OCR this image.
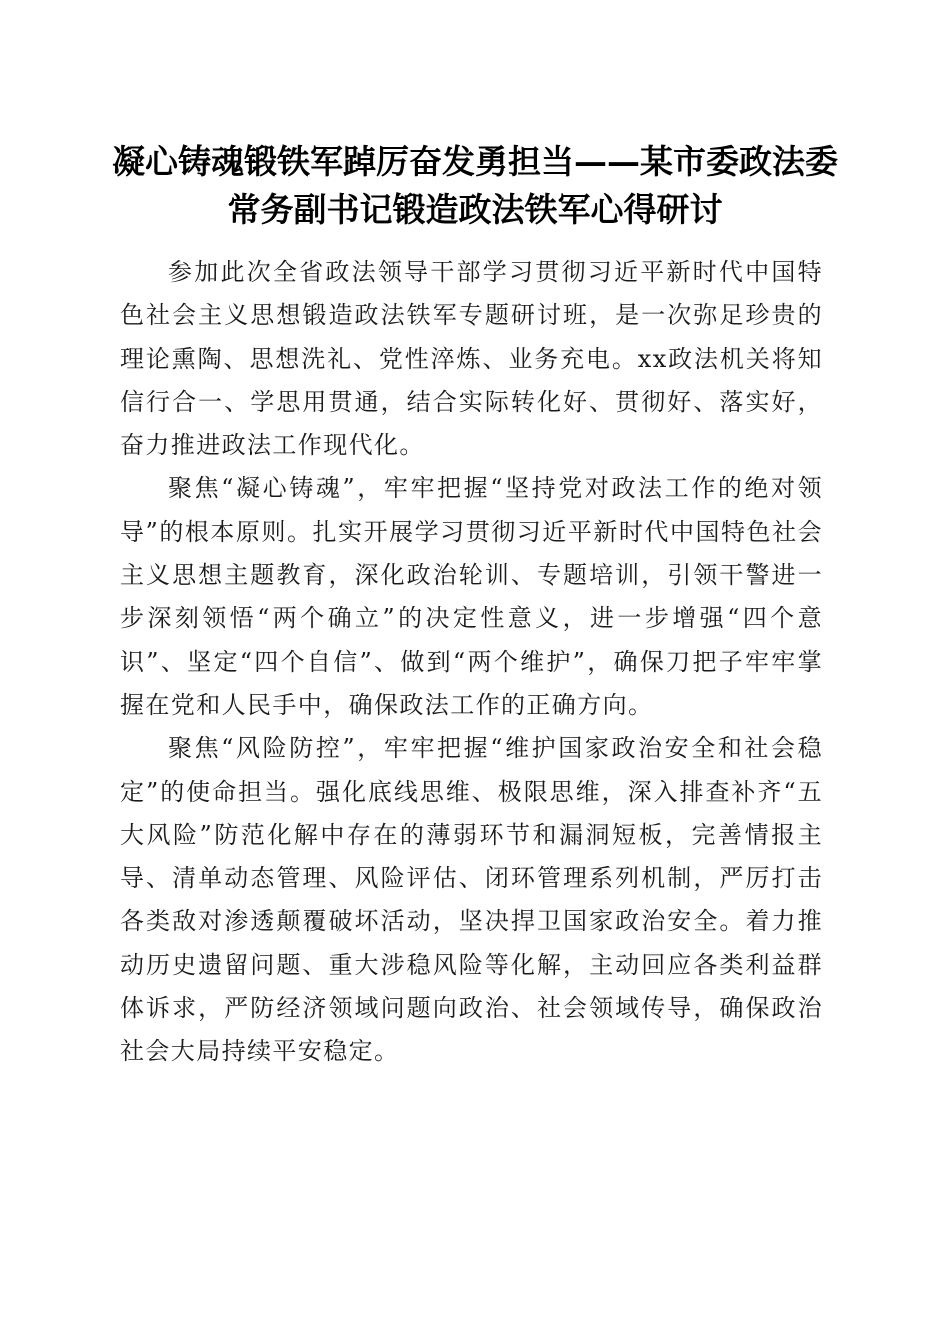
凝心铸魂锻铁军踔厉奋发勇担当——某市委政法委常务副书记锻造政法铁军心得研讨

参加此次全省政法领导干部学习贯彻习近平新时代中国特色社会主义思想锻造政法铁军专题研讨班，是一次弥足珍贵的理论熏陶、思想洗礼、党性淬炼、业务充电。xx政法机关将知信行合一、学思用贯通，结合实际转化好、贯彻好、落实好，奋力推进政法工作现代化。

聚焦“凝心铸魂”，牢牢把握“坚持党对政法工作的绝对领导”的根本原则。扎实开展学习贯彻习近平新时代中国特色社会主义思想主题教育，深化政治轮训、专题培训，引领干警进一步深刻领悟“两个确立”的决定性意义，进一步增强“四个意识”、坚定“四个自信”、做到“两个维护”，确保刀把子牢牢掌握在党和人民手中，确保政法工作的正确方向。

聚焦“风险防控”，牢牢把握“维护国家政治安全和社会稳定”的使命担当。强化底线思维、极限思维，深入排查补齐“五大风险”防范化解中存在的薄弱环节和漏洞短板，完善情报主导、清单动态管理、风险评估、闭环管理系列机制，严厉打击各类敌对渗透颠覆破坏活动，坚决捍卫国家政治安全。着力推动历史遗留问题、重大涉稳风险等化解，主动回应各类利益群体诉求，严防经济领域问题向政治、社会领域传导，确保政治社会大局持续平安稳定。
